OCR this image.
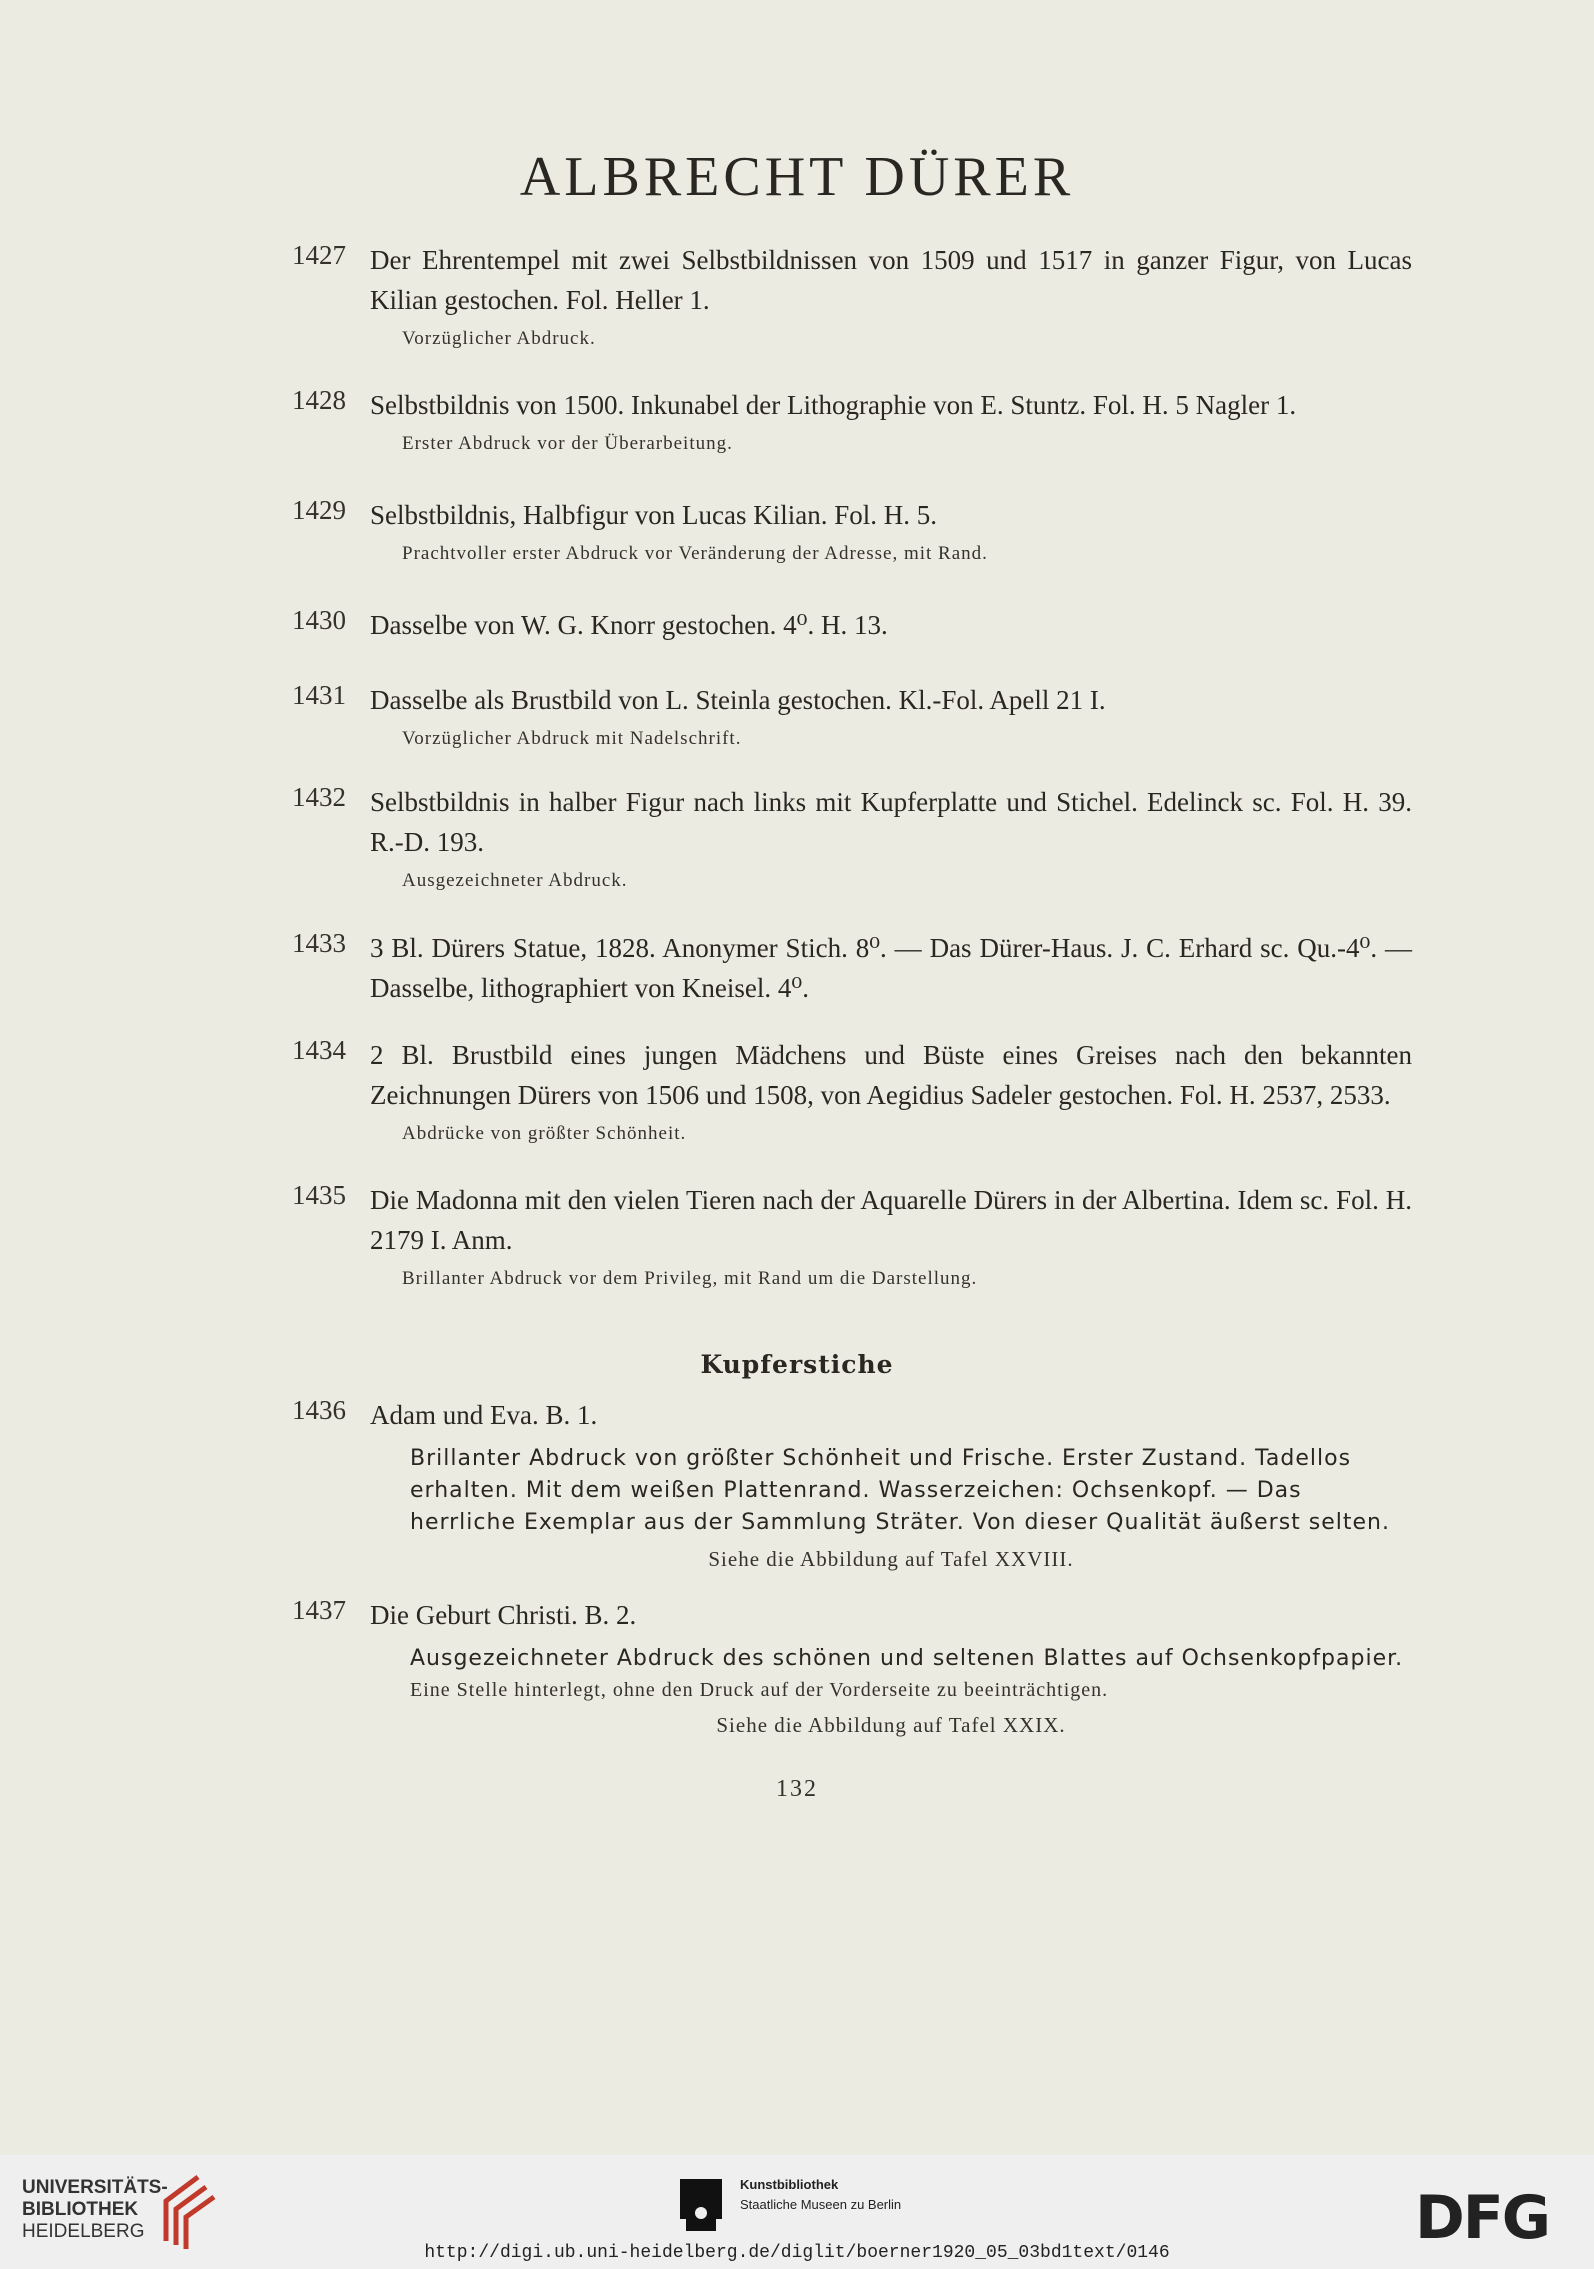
ALBRECHT DÜRER
1427 Der Ehrentempel mit zwei Selbstbildnissen von 1509 und 1517 in ganzer Figur, von Lucas Kilian gestochen. Fol. Heller 1.
Vorzüglicher Abdruck.
1428 Selbstbildnis von 1500. Inkunabel der Lithographie von E. Stuntz. Fol. H. 5 Nagler 1.
Erster Abdruck vor der Überarbeitung.
1429 Selbstbildnis, Halbfigur von Lucas Kilian. Fol. H. 5.
Prachtvoller erster Abdruck vor Veränderung der Adresse, mit Rand.
1430 Dasselbe von W. G. Knorr gestochen. 4⁰. H. 13.
1431 Dasselbe als Brustbild von L. Steinla gestochen. Kl.-Fol. Apell 21 I.
Vorzüglicher Abdruck mit Nadelschrift.
1432 Selbstbildnis in halber Figur nach links mit Kupferplatte und Stichel. Edelinck sc. Fol. H. 39. R.-D. 193.
Ausgezeichneter Abdruck.
1433 3 Bl. Dürers Statue, 1828. Anonymer Stich. 8⁰. — Das Dürer-Haus. J. C. Erhard sc. Qu.-4⁰. — Dasselbe, lithographiert von Kneisel. 4⁰.
1434 2 Bl. Brustbild eines jungen Mädchens und Büste eines Greises nach den bekannten Zeichnungen Dürers von 1506 und 1508, von Aegidius Sadeler gestochen. Fol. H. 2537, 2533.
Abdrücke von größter Schönheit.
1435 Die Madonna mit den vielen Tieren nach der Aquarelle Dürers in der Albertina. Idem sc. Fol. H. 2179 I. Anm.
Brillanter Abdruck vor dem Privileg, mit Rand um die Darstellung.
Kupferstiche
1436 Adam und Eva. B. 1.
Brillanter Abdruck von größter Schönheit und Frische. Erster Zustand. Tadellos erhalten. Mit dem weißen Plattenrand. Wasserzeichen: Ochsenkopf. — Das herrliche Exemplar aus der Sammlung Sträter. Von dieser Qualität äußerst selten.
Siehe die Abbildung auf Tafel XXVIII.
1437 Die Geburt Christi. B. 2.
Ausgezeichneter Abdruck des schönen und seltenen Blattes auf Ochsenkopfpapier.
Eine Stelle hinterlegt, ohne den Druck auf der Vorderseite zu beeinträchtigen.
Siehe die Abbildung auf Tafel XXIX.
132
UNIVERSITÄTS-
BIBLIOTHEK
HEIDELBERG
Kunstbibliothek
Staatliche Museen zu Berlin	DFG
http://digi.ub.uni-heidelberg.de/diglit/boerner1920_05_03bd1text/0146
